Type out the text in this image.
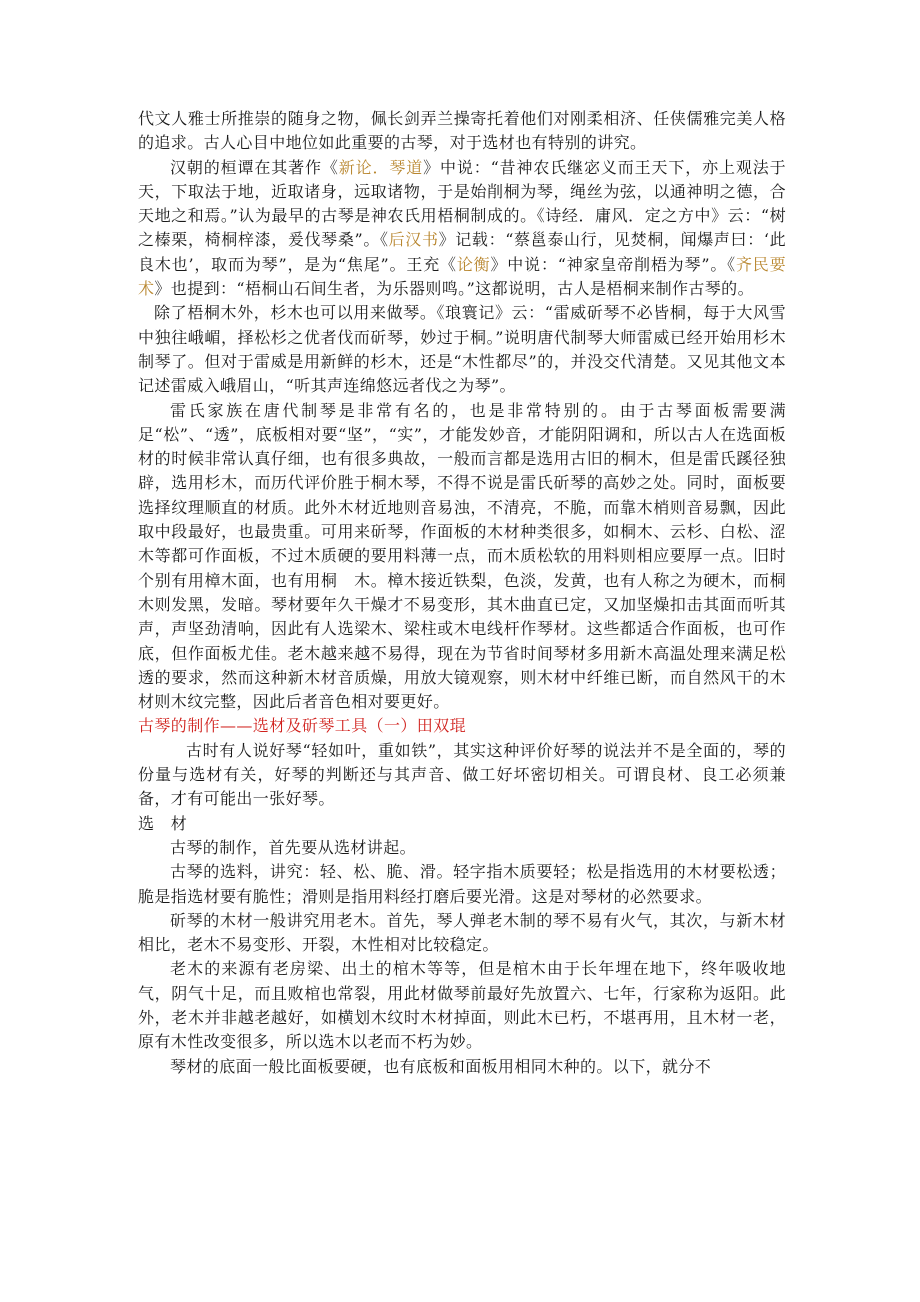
代文人雅士所推崇的随身之物，佩长剑弄兰操寄托着他们对刚柔相济、任侠儒雅完美人格的追求。古人心目中地位如此重要的古琴，对于选材也有特别的讲究。

汉朝的桓谭在其著作《新论．琴道》中说：“昔神农氏继宓义而王天下，亦上观法于天，下取法于地，近取诸身，远取诸物，于是始削桐为琴，绳丝为弦，以通神明之德，合天地之和焉。”认为最早的古琴是神农氏用梧桐制成的。《诗经．庸风．定之方中》云：“树之榛栗，椅桐梓漆，爰伐琴桑”。《后汉书》记载：“蔡邕泰山行，见焚桐，闻爆声曰：‘此良木也’，取而为琴”，是为“焦尾”。王充《论衡》中说：“神家皇帝削梧为琴”。《齐民要术》也提到：“梧桐山石间生者，为乐器则鸣。”这都说明，古人是梧桐来制作古琴的。

除了梧桐木外，杉木也可以用来做琴。《琅寰记》云：“雷威斫琴不必皆桐，每于大风雪中独往峨嵋，择松杉之优者伐而斫琴，妙过于桐。”说明唐代制琴大师雷威已经开始用杉木制琴了。但对于雷威是用新鲜的杉木，还是“木性都尽”的，并没交代清楚。又见其他文本记述雷威入峨眉山，“听其声连绵悠远者伐之为琴”。

雷氏家族在唐代制琴是非常有名的，也是非常特别的。由于古琴面板需要满足“松”、“透”，底板相对要“坚”，“实”，才能发妙音，才能阴阳调和，所以古人在选面板材的时候非常认真仔细，也有很多典故，一般而言都是选用古旧的桐木，但是雷氏蹊径独辟，选用杉木，而历代评价胜于桐木琴，不得不说是雷氏斫琴的高妙之处。同时，面板要选择纹理顺直的材质。此外木材近地则音易浊，不清亮，不脆，而靠木梢则音易飘，因此取中段最好，也最贵重。可用来斫琴，作面板的木材种类很多，如桐木、云杉、白松、涩木等都可作面板，不过木质硬的要用料薄一点，而木质松软的用料则相应要厚一点。旧时个别有用樟木面，也有用桐　木。樟木接近铁梨，色淡，发黄，也有人称之为硬木，而桐木则发黑，发暗。琴材要年久干燥才不易变形，其木曲直已定，又加坚燥扣击其面而听其声，声坚劲清响，因此有人选梁木、梁柱或木电线杆作琴材。这些都适合作面板，也可作底，但作面板尤佳。老木越来越不易得，现在为节省时间琴材多用新木高温处理来满足松透的要求，然而这种新木材音质燥，用放大镜观察，则木材中纤维已断，而自然风干的木材则木纹完整，因此后者音色相对要更好。

古琴的制作——选材及斫琴工具（一）田双琨

古时有人说好琴“轻如叶，重如铁”，其实这种评价好琴的说法并不是全面的，琴的份量与选材有关，好琴的判断还与其声音、做工好坏密切相关。可谓良材、良工必须兼备，才有可能出一张好琴。

选　材

古琴的制作，首先要从选材讲起。

古琴的选料，讲究：轻、松、脆、滑。轻字指木质要轻；松是指选用的木材要松透；脆是指选材要有脆性；滑则是指用料经打磨后要光滑。这是对琴材的必然要求。

斫琴的木材一般讲究用老木。首先，琴人弹老木制的琴不易有火气，其次，与新木材相比，老木不易变形、开裂，木性相对比较稳定。

老木的来源有老房梁、出土的棺木等等，但是棺木由于长年埋在地下，终年吸收地气，阴气十足，而且败棺也常裂，用此材做琴前最好先放置六、七年，行家称为返阳。此外，老木并非越老越好，如横划木纹时木材掉面，则此木已朽，不堪再用，且木材一老，原有木性改变很多，所以选木以老而不朽为妙。

琴材的底面一般比面板要硬，也有底板和面板用相同木种的。以下，就分不
